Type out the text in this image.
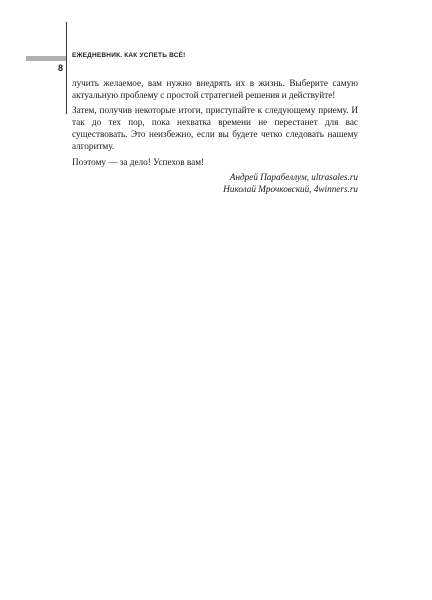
8
ЕЖЕДНЕВНИК. КАК УСПЕТЬ ВСЁ!

лучить желаемое, вам нужно внедрять их в жизнь. Выберите самую актуальную проблему с простой стратегией решения и действуйте!

Затем, получив некоторые итоги, приступайте к следующему приему. И так до тех пор, пока нехватка времени не перестанет для вас существовать. Это неизбежно, если вы будете четко следовать нашему алгоритму.

Поэтому — за дело! Успехов вам!

Андрей Парабеллум, ultrasales.ru

Николай Мрочковский, 4winners.ru
